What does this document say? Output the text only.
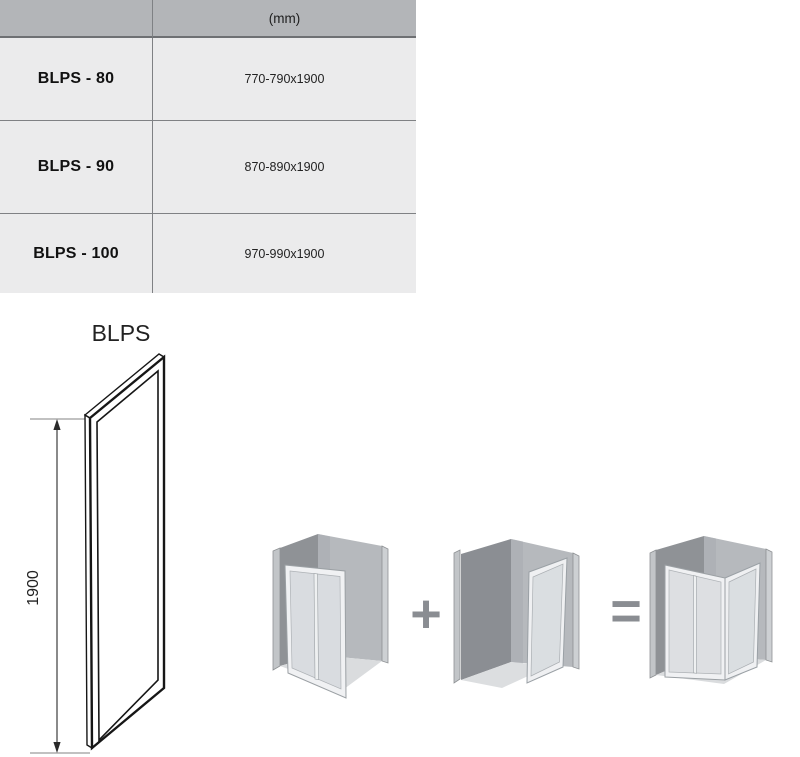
(mm)
BLPS - 80	770-790x1900
BLPS - 90	870-890x1900
BLPS - 100	970-990x1900
BLPS
1900	+	=
